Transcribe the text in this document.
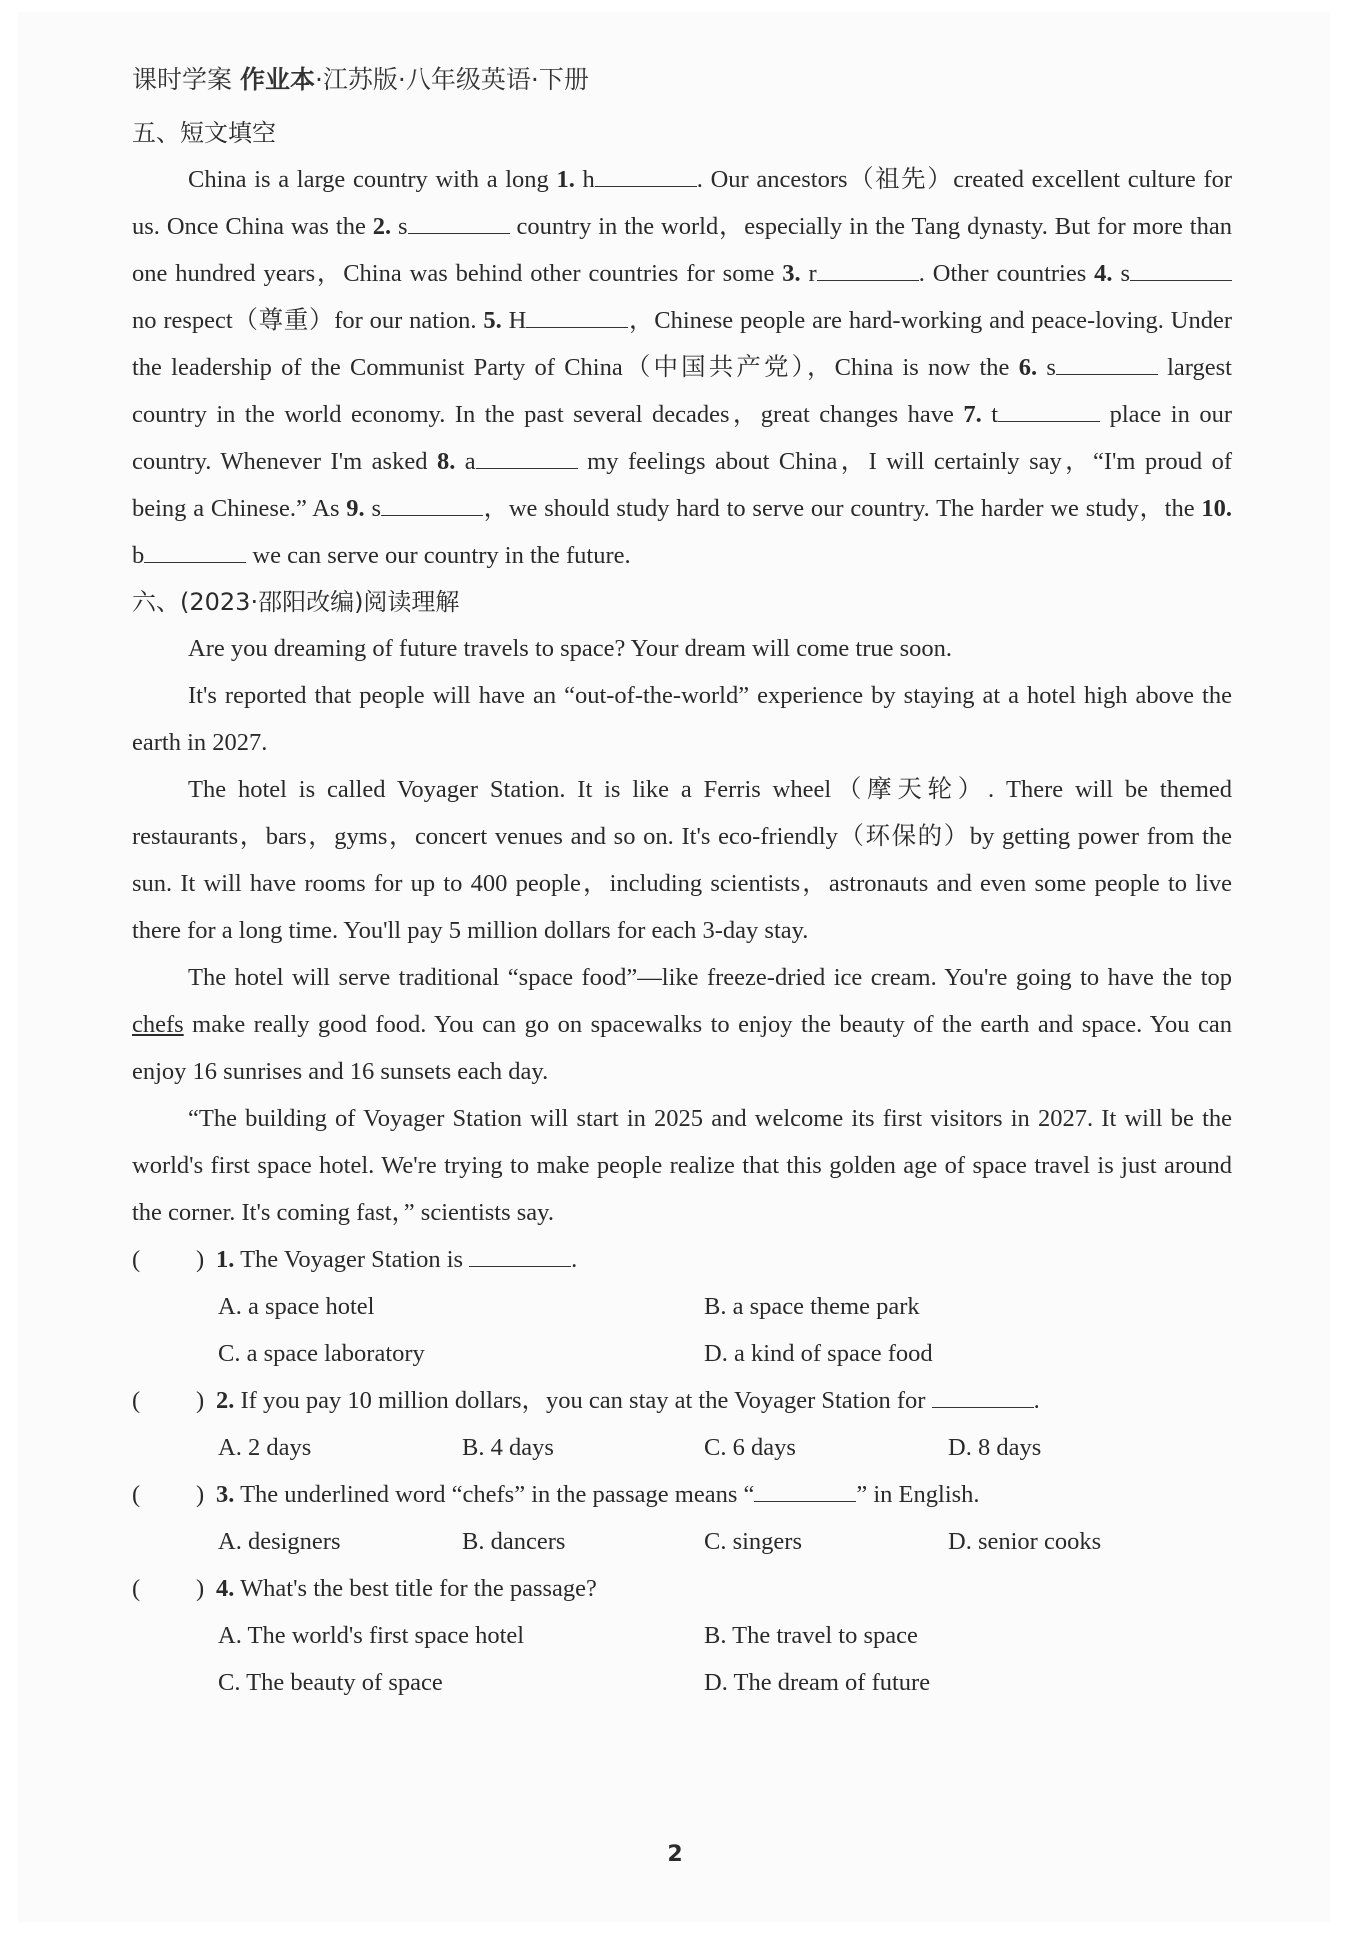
课时学案 作业本·江苏版·八年级英语·下册
五、短文填空
China is a large country with a long 1. h	. Our ancestors（祖先）created excellent culture for us. Once China was the 2. s	country in the world，especially in the Tang dynasty. But for more than one hundred years，China was behind other countries for some 3. r	. Other countries 4. s no respect（尊重）for our nation. 5. H	，Chinese people are hard-working and peace-loving. Under the leadership of the Communist Party of China（中国共产党），China is now the 6. s	largest country in the world economy. In the past several decades，great changes have 7. t	place in our country. Whenever I'm asked 8. a	my feelings about China，I will certainly say，“I'm proud of being a Chinese.” As 9. s	，we should study hard to serve our country. The harder we study，the 10. b	we can serve our country in the future.
六、(2023·邵阳改编)阅读理解
Are you dreaming of future travels to space? Your dream will come true soon.
It's reported that people will have an “out-of-the-world” experience by staying at a hotel high above the earth in 2027.
The hotel is called Voyager Station. It is like a Ferris wheel（摩天轮）. There will be themed restaurants，bars，gyms，concert venues and so on. It's eco-friendly（环保的）by getting power from the sun. It will have rooms for up to 400 people，including scientists，astronauts and even some people to live there for a long time. You'll pay 5 million dollars for each 3-day stay.
The hotel will serve traditional “space food”—like freeze-dried ice cream. You're going to have the top chefs make really good food. You can go on spacewalks to enjoy the beauty of the earth and space. You can enjoy 16 sunrises and 16 sunsets each day.
“The building of Voyager Station will start in 2025 and welcome its first visitors in 2027. It will be the world's first space hotel. We're trying to make people realize that this golden age of space travel is just around the corner. It's coming fast，” scientists say.
( ) 1. The Voyager Station is	.
A. a space hotel	B. a space theme park
C. a space laboratory	D. a kind of space food
( ) 2. If you pay 10 million dollars，you can stay at the Voyager Station for	.
A. 2 days	B. 4 days	C. 6 days	D. 8 days
( ) 3. The underlined word “chefs” in the passage means “	” in English.
A. designers	B. dancers	C. singers	D. senior cooks
( ) 4. What's the best title for the passage?
A. The world's first space hotel	B. The travel to space
C. The beauty of space	D. The dream of future
2
